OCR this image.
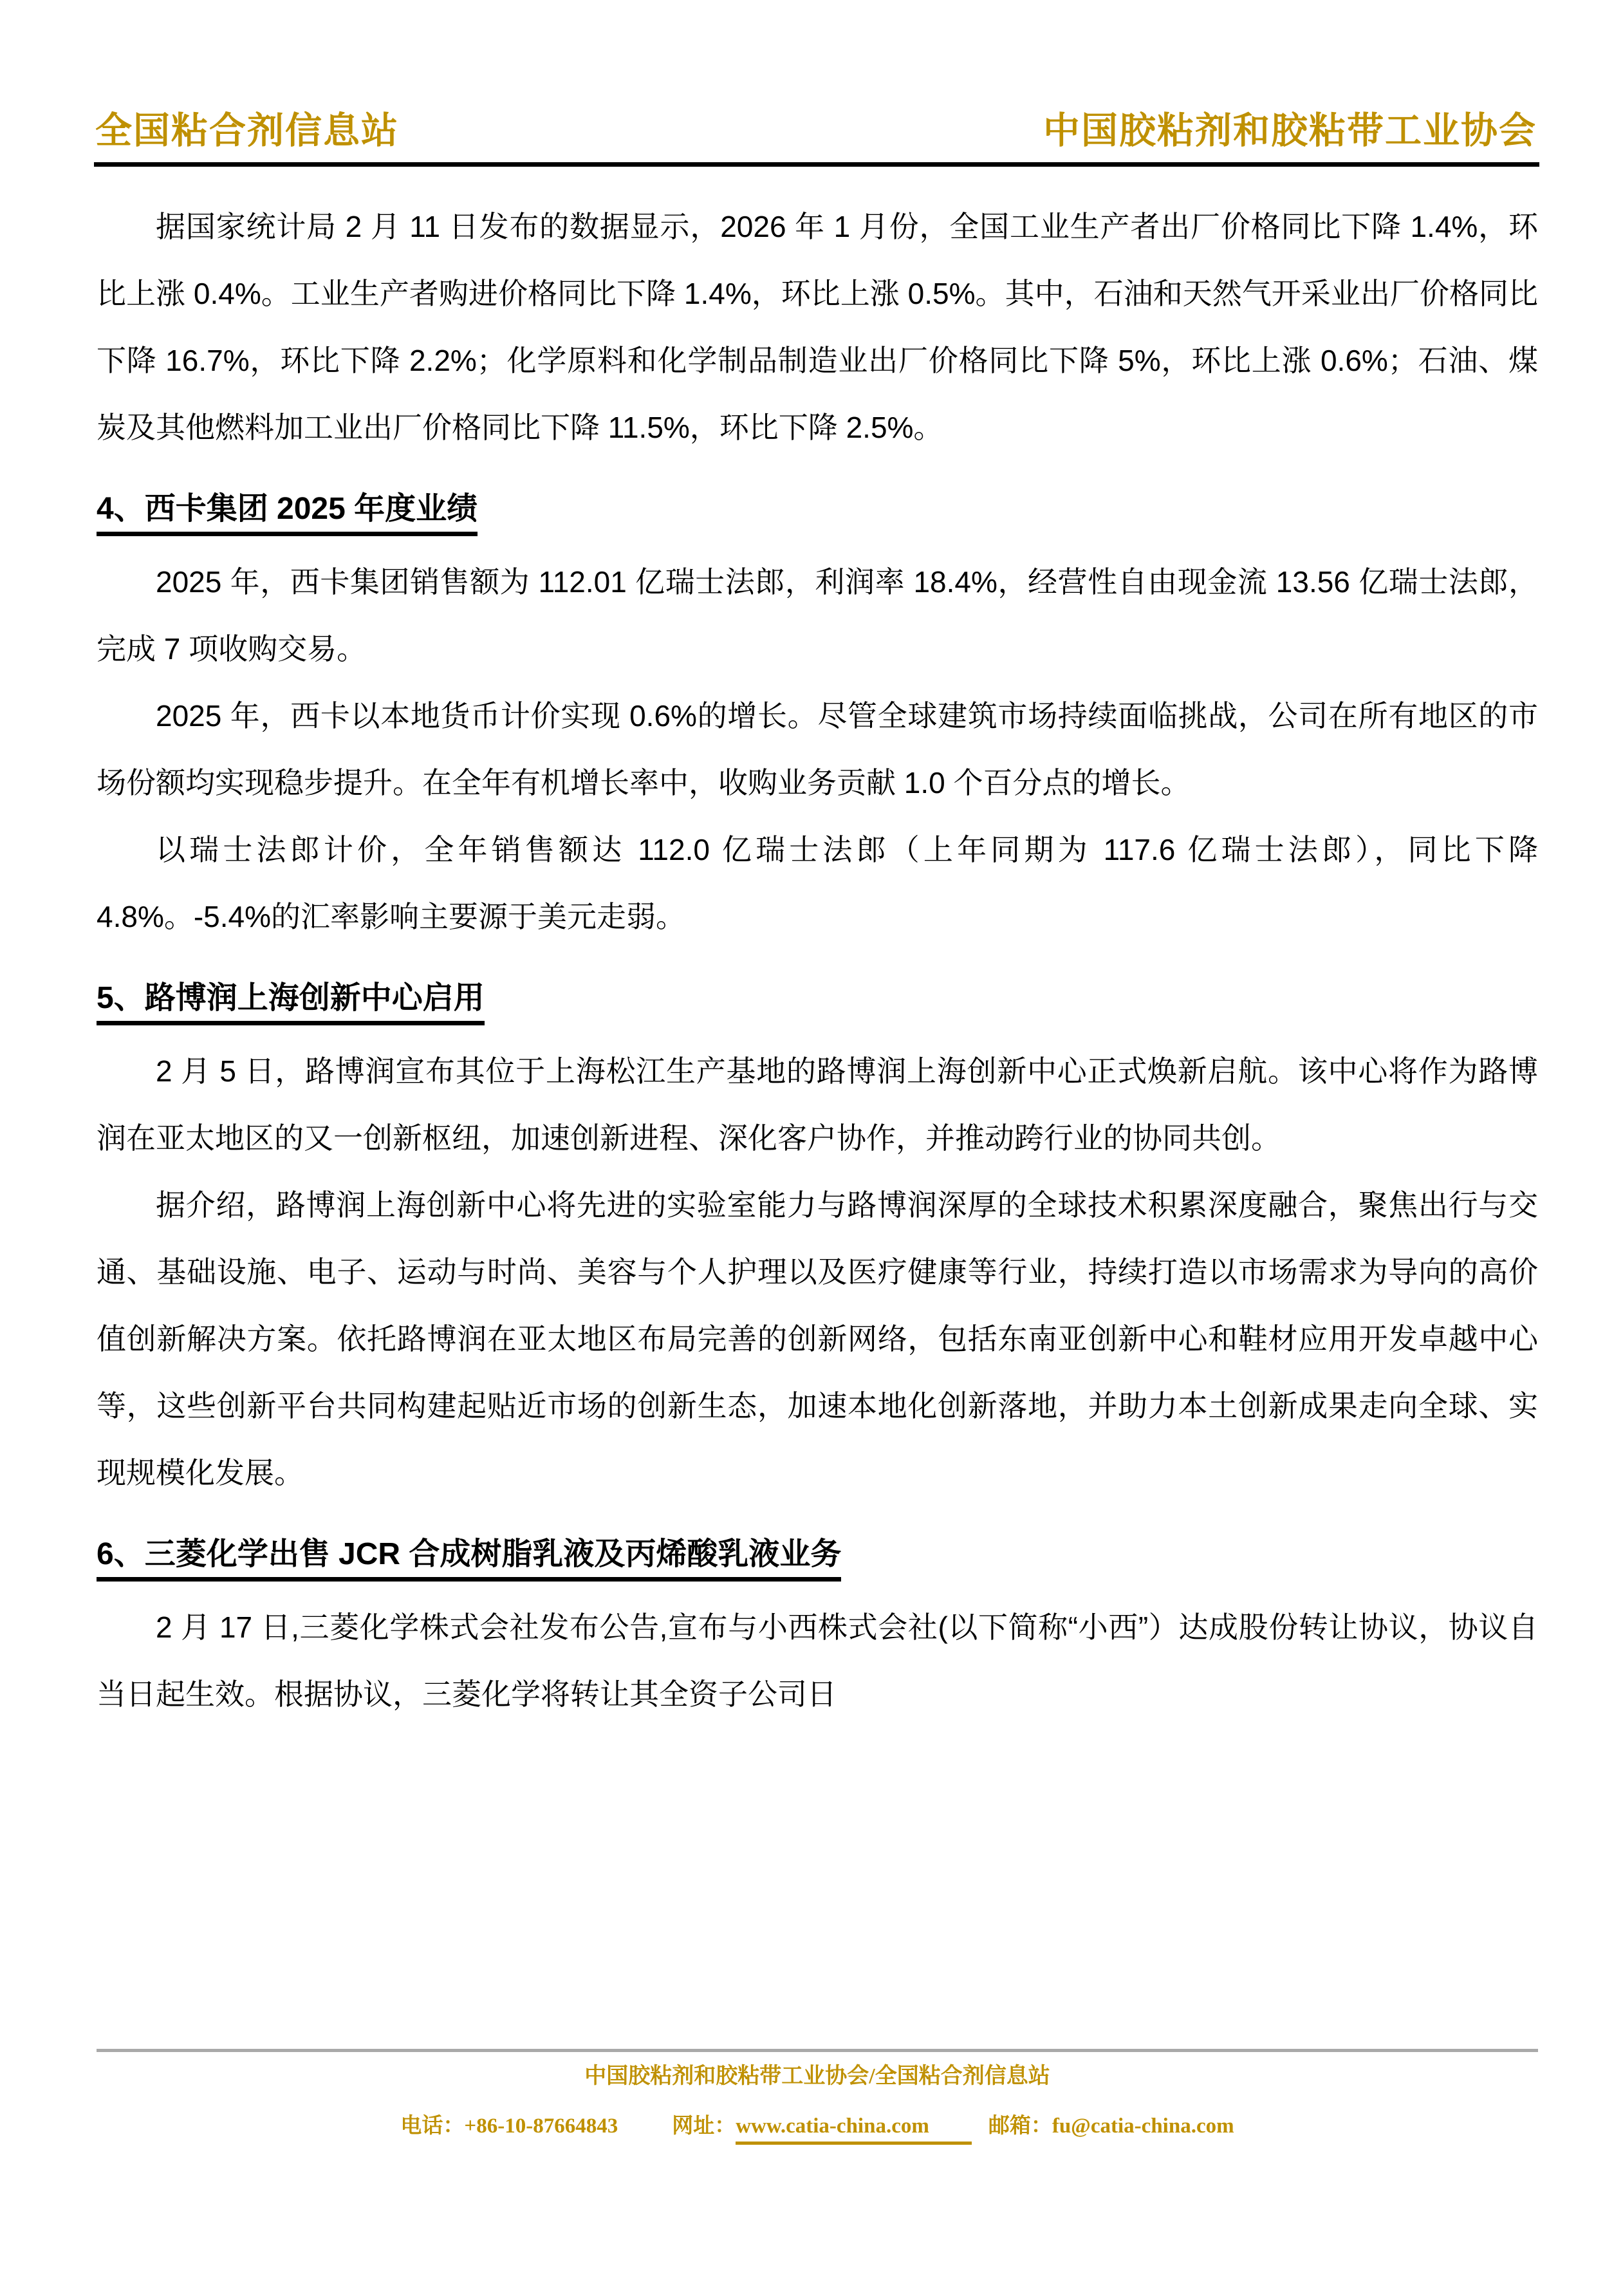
全国粘合剂信息站	中国胶粘剂和胶粘带工业协会

据国家统计局 2 月 11 日发布的数据显示，2026 年 1 月份，全国工业生产者出厂价格同比下降 1.4%，环比上涨 0.4%。工业生产者购进价格同比下降 1.4%，环比上涨 0.5%。其中，石油和天然气开采业出厂价格同比下降 16.7%，环比下降 2.2%；化学原料和化学制品制造业出厂价格同比下降 5%，环比上涨 0.6%；石油、煤炭及其他燃料加工业出厂价格同比下降 11.5%，环比下降 2.5%。

4、西卡集团 2025 年度业绩

2025 年，西卡集团销售额为 112.01 亿瑞士法郎，利润率 18.4%，经营性自由现金流 13.56 亿瑞士法郎，完成 7 项收购交易。

2025 年，西卡以本地货币计价实现 0.6%的增长。尽管全球建筑市场持续面临挑战，公司在所有地区的市场份额均实现稳步提升。在全年有机增长率中，收购业务贡献 1.0 个百分点的增长。

以瑞士法郎计价，全年销售额达 112.0 亿瑞士法郎（上年同期为 117.6 亿瑞士法郎），同比下降 4.8%。-5.4%的汇率影响主要源于美元走弱。

5、路博润上海创新中心启用

2 月 5 日，路博润宣布其位于上海松江生产基地的路博润上海创新中心正式焕新启航。该中心将作为路博润在亚太地区的又一创新枢纽，加速创新进程、深化客户协作，并推动跨行业的协同共创。

据介绍，路博润上海创新中心将先进的实验室能力与路博润深厚的全球技术积累深度融合，聚焦出行与交通、基础设施、电子、运动与时尚、美容与个人护理以及医疗健康等行业，持续打造以市场需求为导向的高价值创新解决方案。依托路博润在亚太地区布局完善的创新网络，包括东南亚创新中心和鞋材应用开发卓越中心等，这些创新平台共同构建起贴近市场的创新生态，加速本地化创新落地，并助力本土创新成果走向全球、实现规模化发展。

6、三菱化学出售 JCR 合成树脂乳液及丙烯酸乳液业务

2 月 17 日,三菱化学株式会社发布公告,宣布与小西株式会社(以下简称“小西”）达成股份转让协议，协议自当日起生效。根据协议，三菱化学将转让其全资子公司日

中国胶粘剂和胶粘带工业协会/全国粘合剂信息站
电话：+86-10-87664843	网址：www.catia-china.com	邮箱：fu@catia-china.com
